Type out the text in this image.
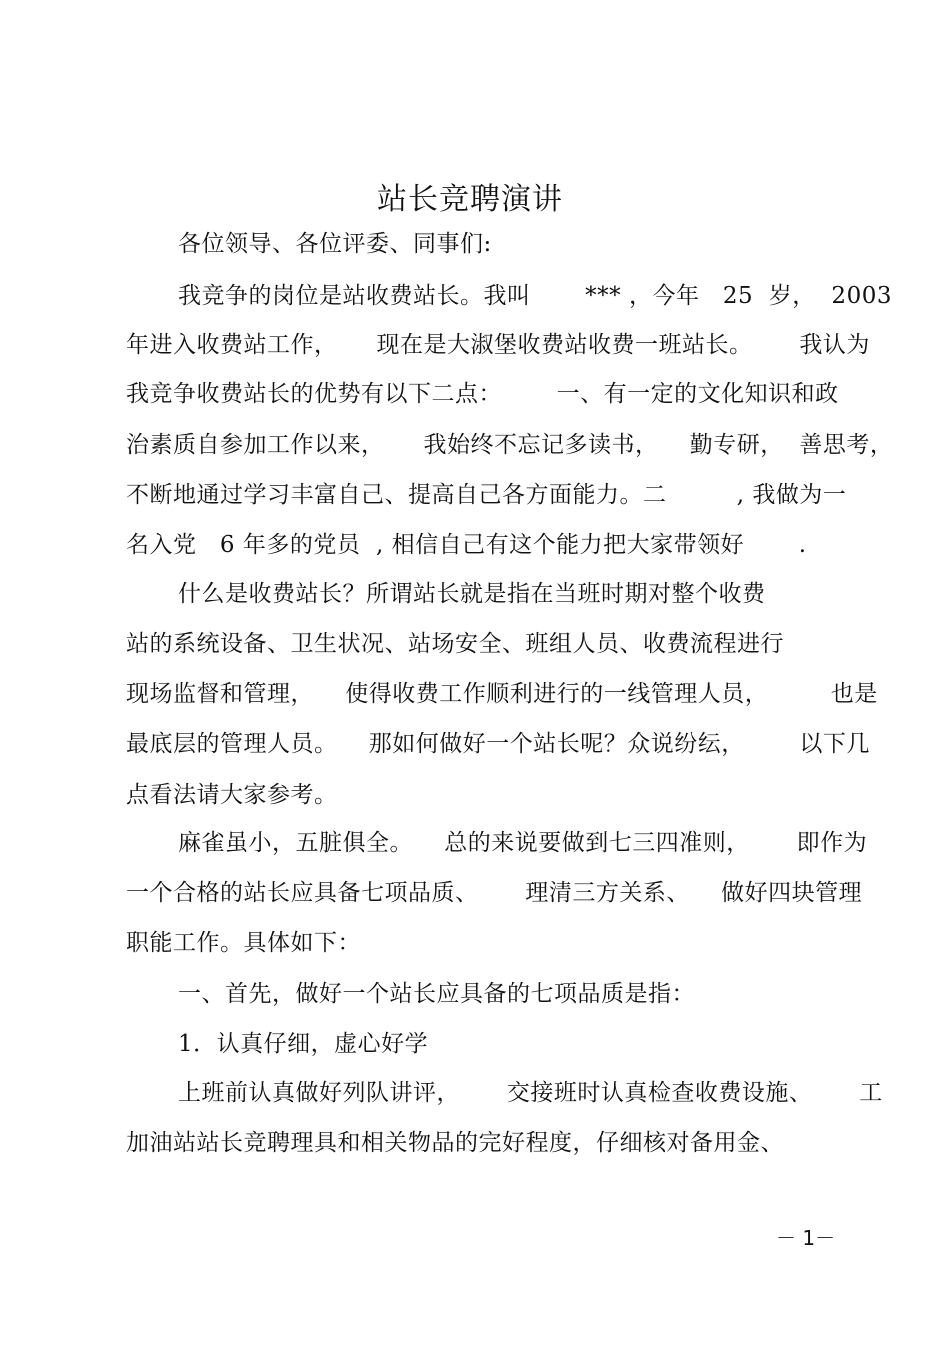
站长竞聘演讲
各位领导、各位评委、同事们:
我竞争的岗位是站收费站长。我叫       *** ，今年   25  岁，  2003
年进入收费站工作，     现在是大淑堡收费站收费一班站长。      我认为
我竞争收费站长的优势有以下二点：       一、有一定的文化知识和政
治素质自参加工作以来，     我始终不忘记多读书，    勤专研，  善思考，
不断地通过学习丰富自己、提高自己各方面能力。二         , 我做为一
名入党   6 年多的党员  , 相信自己有这个能力把大家带领好       .
什么是收费站长？所谓站长就是指在当班时期对整个收费
站的系统设备、卫生状况、站场安全、班组人员、收费流程进行
现场监督和管理，    使得收费工作顺利进行的一线管理人员，        也是
最底层的管理人员。    那如何做好一个站长呢？众说纷纭，       以下几
点看法请大家参考。
麻雀虽小，五脏俱全。    总的来说要做到七三四准则，      即作为
一个合格的站长应具备七项品质、      理清三方关系、    做好四块管理
职能工作。具体如下：
一、首先，做好一个站长应具备的七项品质是指：
1．认真仔细，虚心好学
上班前认真做好列队讲评，      交接班时认真检查收费设施、      工
加油站站长竞聘理具和相关物品的完好程度，仔细核对备用金、
－ 1－
